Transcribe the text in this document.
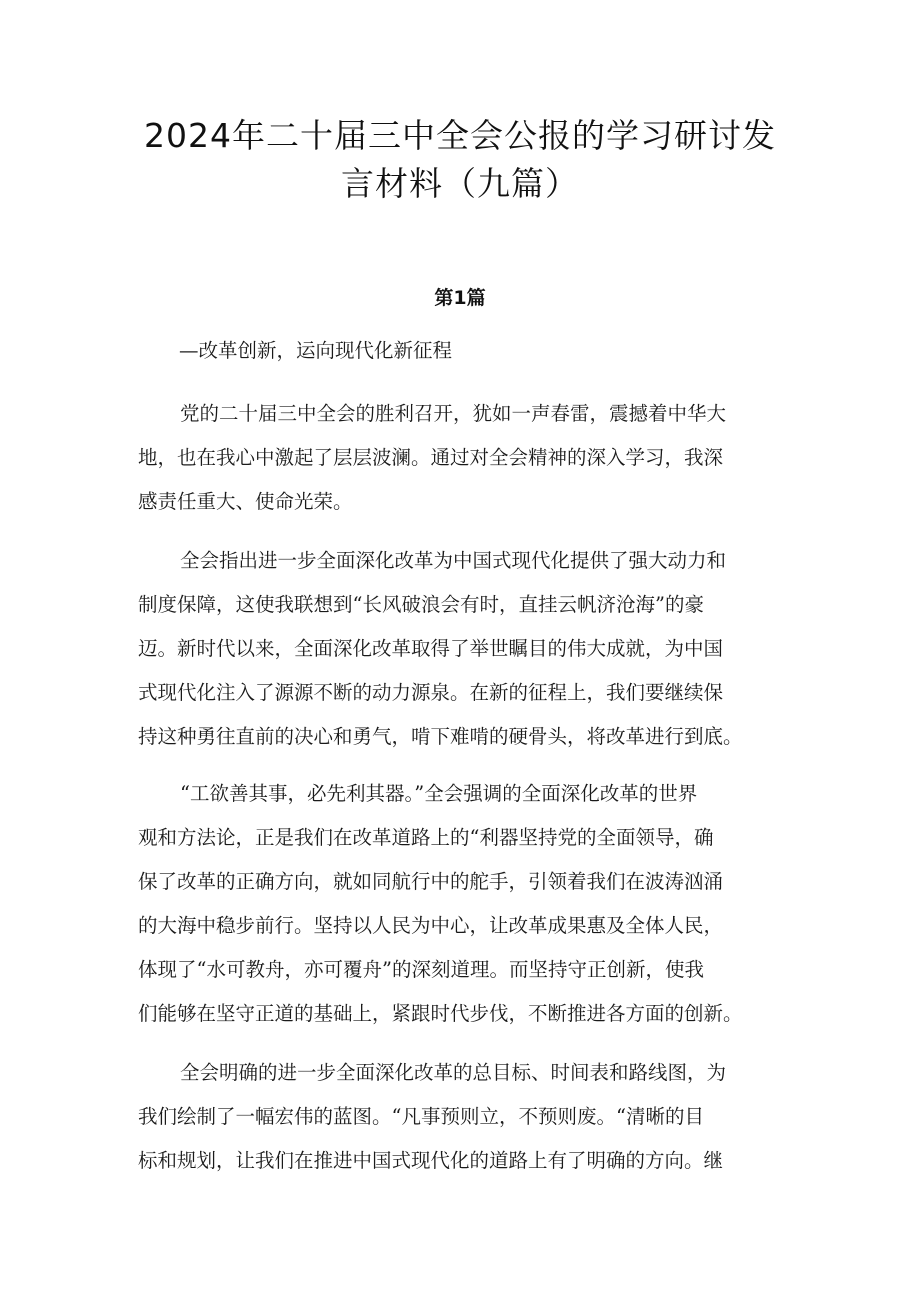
2024年二十届三中全会公报的学习研讨发
言材料（九篇）
第1篇

—改革创新，运向现代化新征程

党的二十届三中全会的胜利召开，犹如一声春雷，震撼着中华大
地，也在我心中激起了层层波澜。通过对全会精神的深入学习，我深
感责任重大、使命光荣。

全会指出进一步全面深化改革为中国式现代化提供了强大动力和
制度保障，这使我联想到“长风破浪会有时，直挂云帆济沧海”的豪
迈。新时代以来，全面深化改革取得了举世瞩目的伟大成就，为中国
式现代化注入了源源不断的动力源泉。在新的征程上，我们要继续保
持这种勇往直前的决心和勇气，啃下难啃的硬骨头，将改革进行到底。

“工欲善其事，必先利其器。”全会强调的全面深化改革的世界
观和方法论，正是我们在改革道路上的“利器坚持党的全面领导，确
保了改革的正确方向，就如同航行中的舵手，引领着我们在波涛汹涌
的大海中稳步前行。坚持以人民为中心，让改革成果惠及全体人民，
体现了“水可教舟，亦可覆舟”的深刻道理。而坚持守正创新，使我
们能够在坚守正道的基础上，紧跟时代步伐，不断推进各方面的创新。

全会明确的进一步全面深化改革的总目标、时间表和路线图，为
我们绘制了一幅宏伟的蓝图。“凡事预则立，不预则废。“清晰的目
标和规划，让我们在推进中国式现代化的道路上有了明确的方向。继
